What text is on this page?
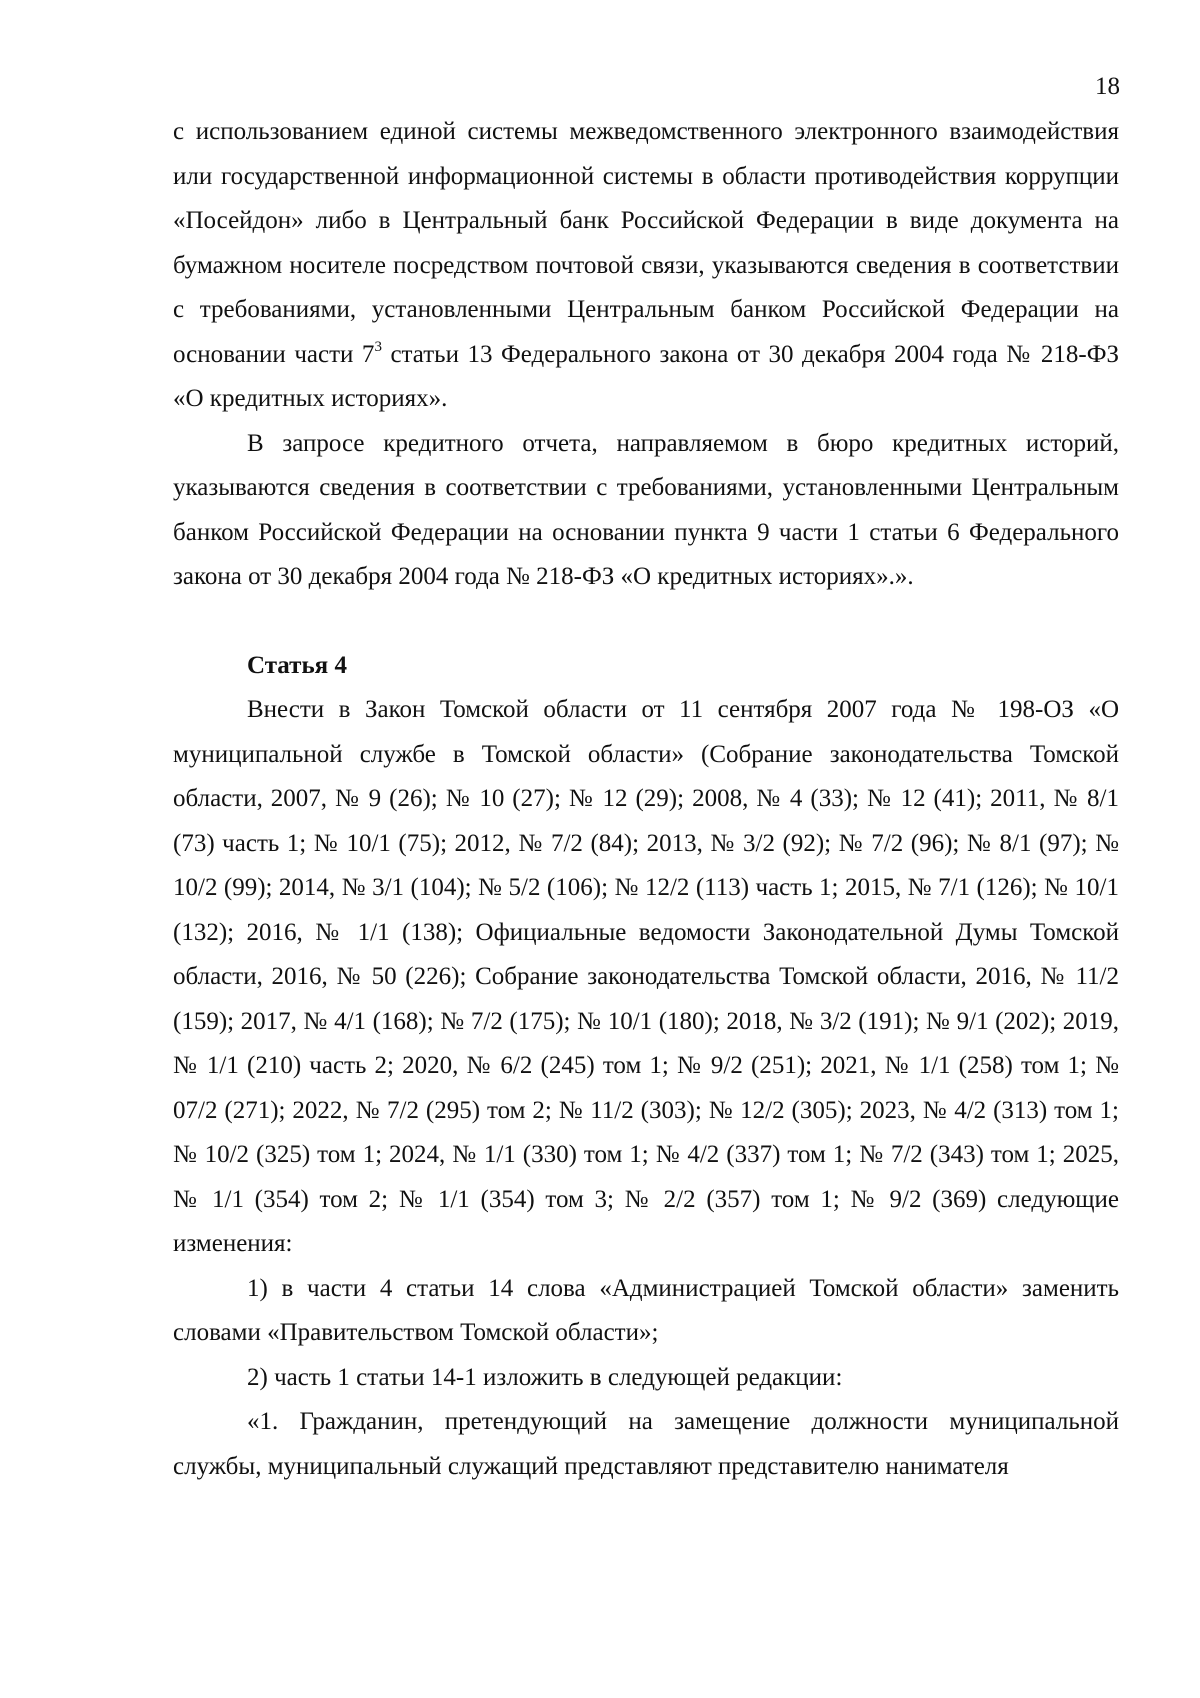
18

с использованием единой системы межведомственного электронного взаимодействия или государственной информационной системы в области противодействия коррупции «Посейдон» либо в Центральный банк Российской Федерации в виде документа на бумажном носителе посредством почтовой связи, указываются сведения в соответствии с требованиями, установленными Центральным банком Российской Федерации на основании части $7^3$ статьи 13 Федерального закона от 30 декабря 2004 года № 218-ФЗ «О кредитных историях».

В запросе кредитного отчета, направляемом в бюро кредитных историй, указываются сведения в соответствии с требованиями, установленными Центральным банком Российской Федерации на основании пункта 9 части 1 статьи 6 Федерального закона от 30 декабря 2004 года № 218-ФЗ «О кредитных историях».».

Статья 4

Внести в Закон Томской области от 11 сентября 2007 года № 198-ОЗ «О муниципальной службе в Томской области» (Собрание законодательства Томской области, 2007, № 9 (26); № 10 (27); № 12 (29); 2008, № 4 (33); № 12 (41); 2011, № 8/1 (73) часть 1; № 10/1 (75); 2012, № 7/2 (84); 2013, № 3/2 (92); № 7/2 (96); № 8/1 (97); № 10/2 (99); 2014, № 3/1 (104); № 5/2 (106); № 12/2 (113) часть 1; 2015, № 7/1 (126); № 10/1 (132); 2016, № 1/1 (138); Официальные ведомости Законодательной Думы Томской области, 2016, № 50 (226); Собрание законодательства Томской области, 2016, № 11/2 (159); 2017, № 4/1 (168); № 7/2 (175); № 10/1 (180); 2018, № 3/2 (191); № 9/1 (202); 2019, № 1/1 (210) часть 2; 2020, № 6/2 (245) том 1; № 9/2 (251); 2021, № 1/1 (258) том 1; № 07/2 (271); 2022, № 7/2 (295) том 2; № 11/2 (303); № 12/2 (305); 2023, № 4/2 (313) том 1; № 10/2 (325) том 1; 2024, № 1/1 (330) том 1; № 4/2 (337) том 1; № 7/2 (343) том 1; 2025, № 1/1 (354) том 2; № 1/1 (354) том 3; № 2/2 (357) том 1; № 9/2 (369) следующие изменения:

1) в части 4 статьи 14 слова «Администрацией Томской области» заменить словами «Правительством Томской области»;

2) часть 1 статьи 14-1 изложить в следующей редакции:

«1. Гражданин, претендующий на замещение должности муниципальной службы, муниципальный служащий представляют представителю нанимателя
